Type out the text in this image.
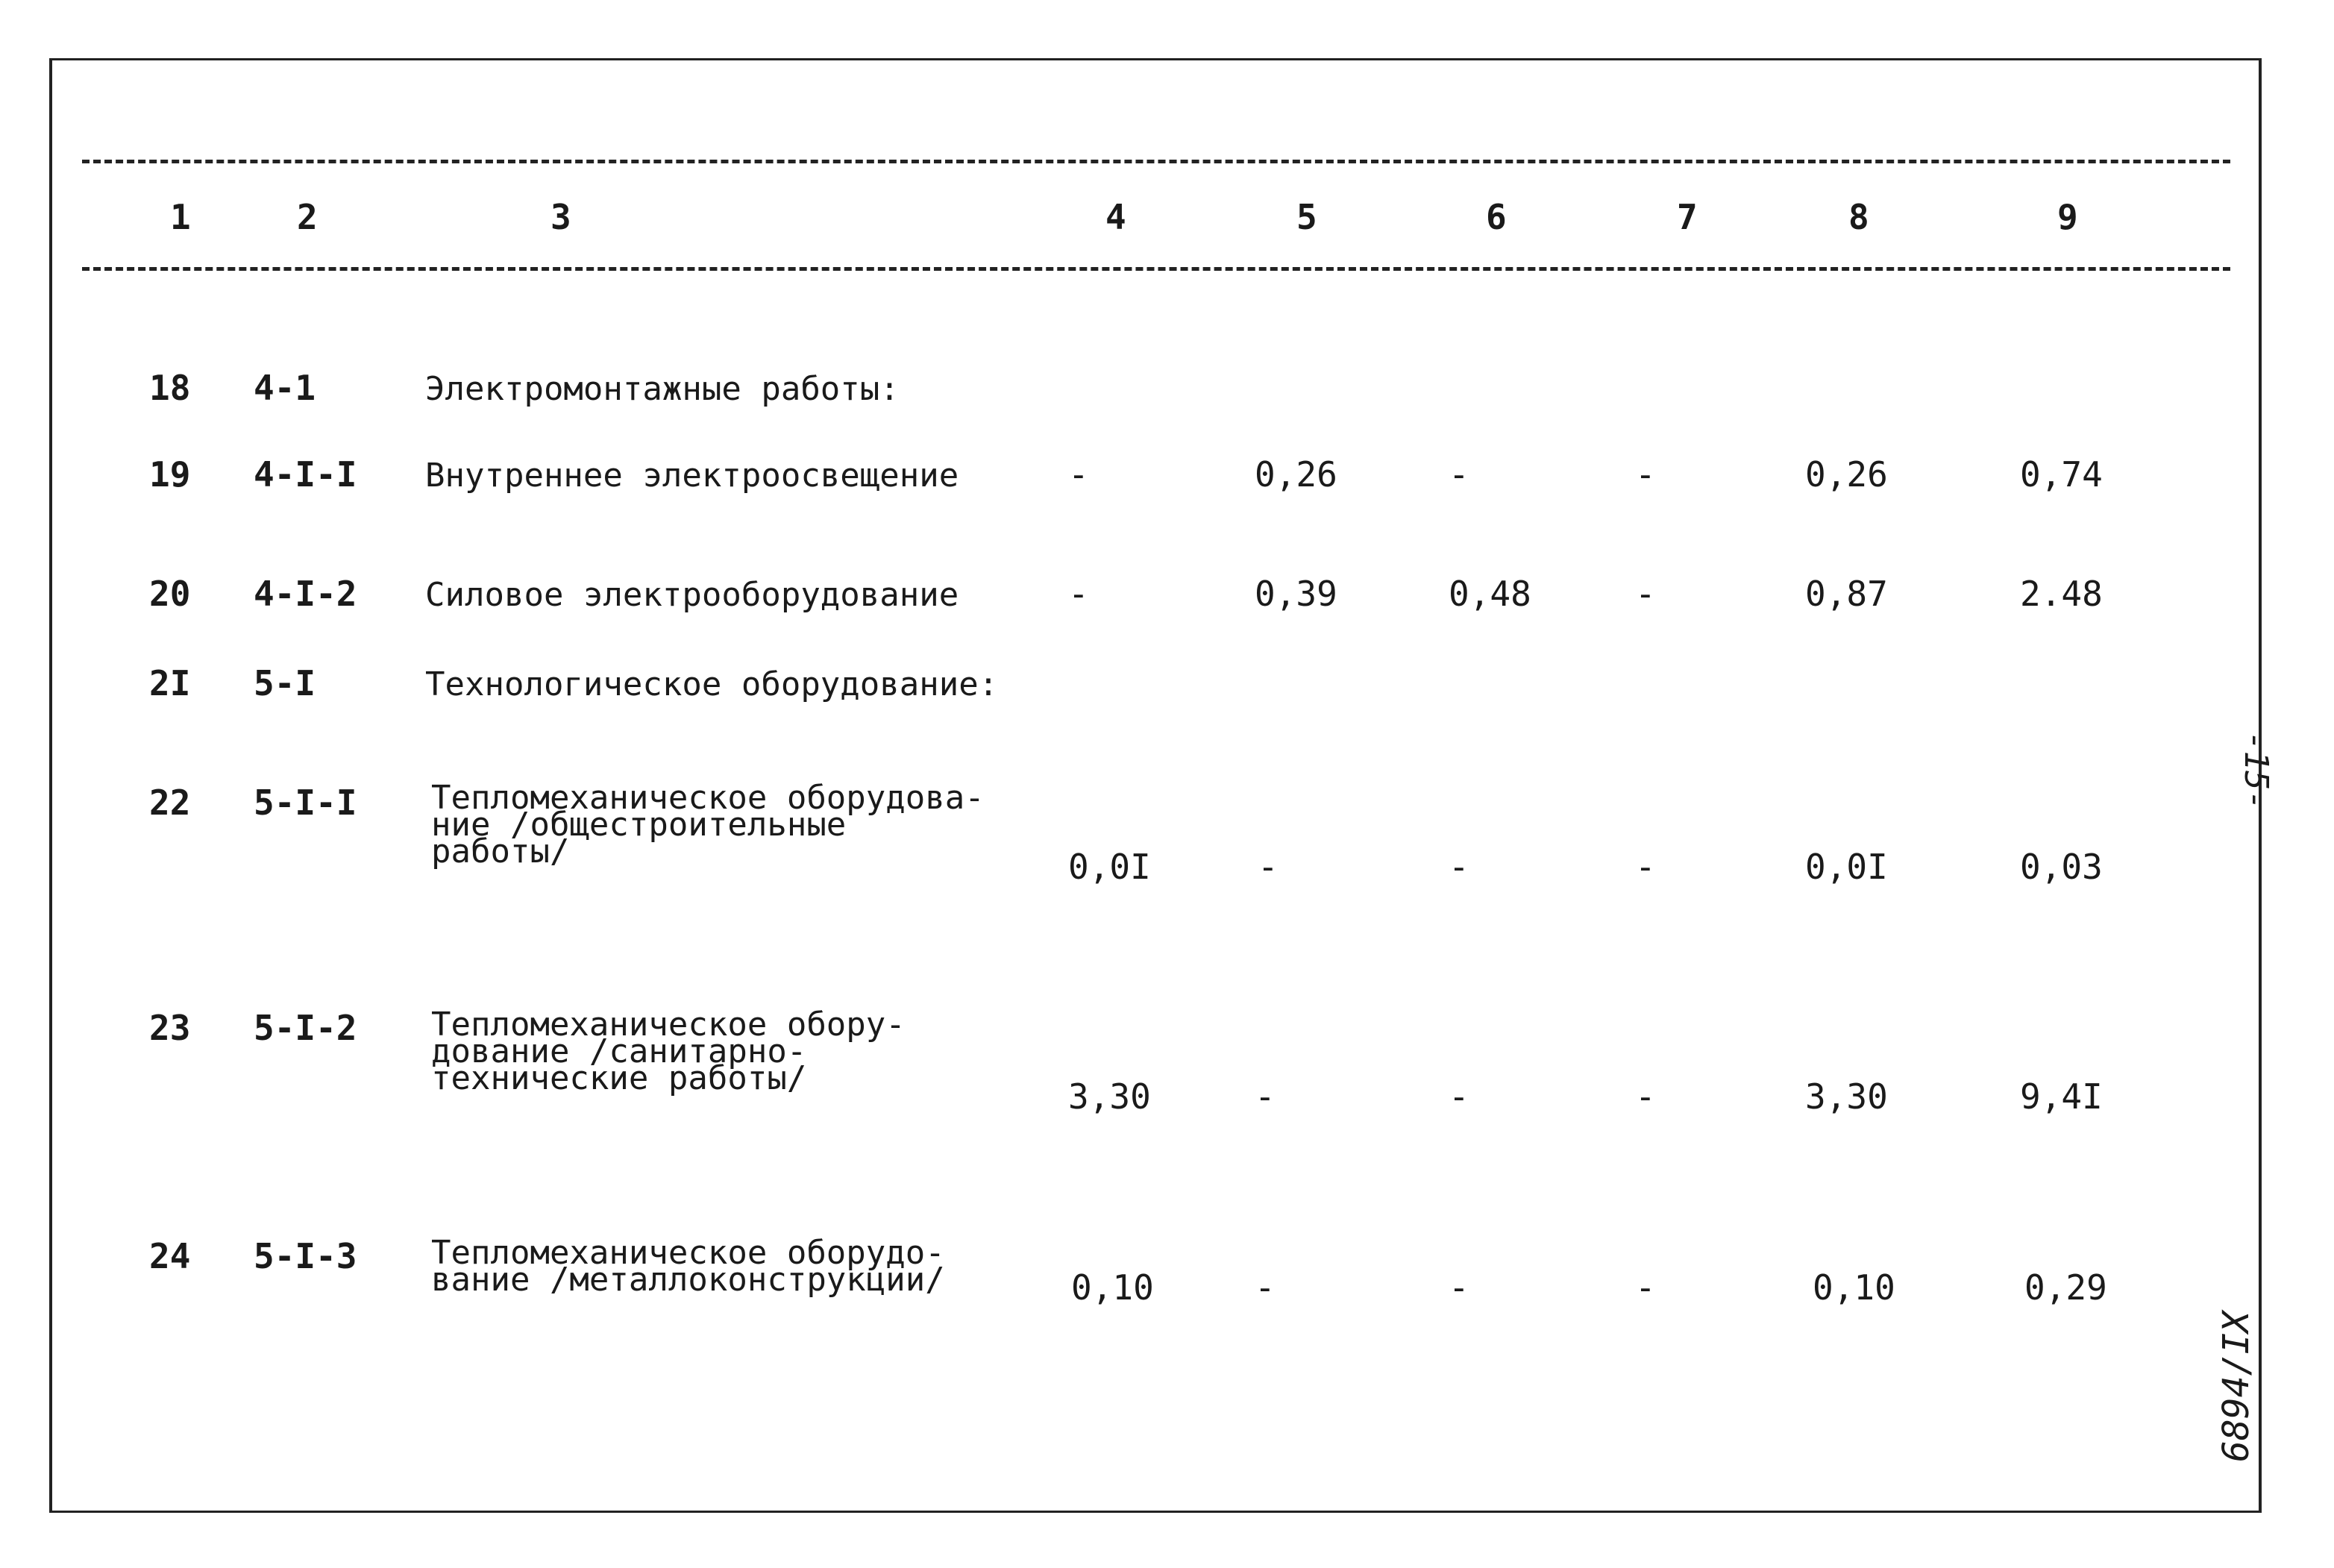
1	2	3	4	5	6	7	8	9
18 4-1	Электромонтажные работы:
19 4-I-I Внутреннее электроосвещение	-	0,26	-	-	0,26	0,74
20 4-I-2 Силовое электрооборудование	-	0,39	0,48	-	0,87	2.48
2I 5-I	Технологическое оборудование:
22 5-I-I Тепломеханическое оборудова-
ние /общестроительные
работы/	0,0I	-	-	-	0,0I	0,03
23 5-I-2 Тепломеханическое обору-
дование /санитарно-
технические работы/	3,30	-	-	-	3,30	9,4I
24 5-I-3 Тепломеханическое оборудо-
вание /металлоконструкции/	0,10	-	-	-	0,10	0,29
-15-
6894/IX
